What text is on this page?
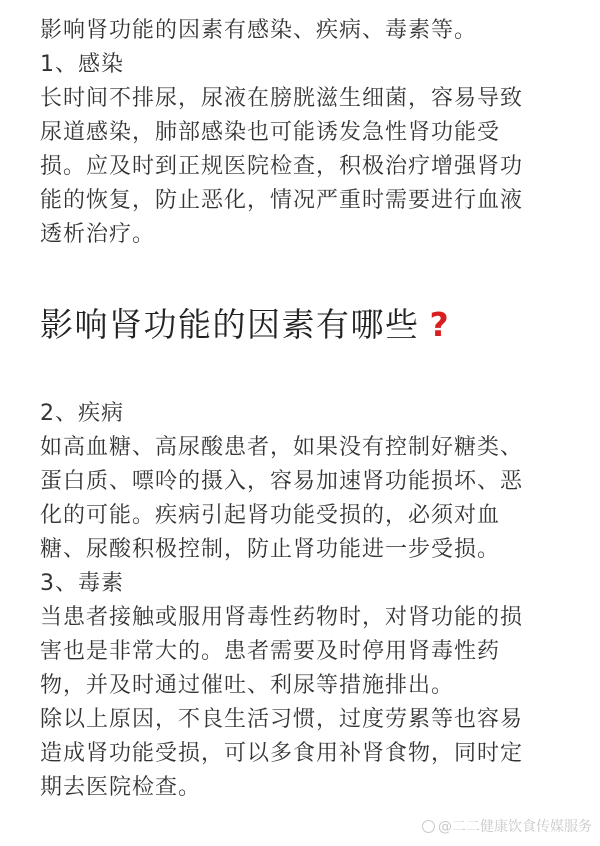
影响肾功能的因素有感染、疾病、毒素等。
1、感染
长时间不排尿，尿液在膀胱滋生细菌，容易导致
尿道感染，肺部感染也可能诱发急性肾功能受
损。应及时到正规医院检查，积极治疗增强肾功
能的恢复，防止恶化，情况严重时需要进行血液
透析治疗。
影响肾功能的因素有哪些 ?
2、疾病
如高血糖、高尿酸患者，如果没有控制好糖类、
蛋白质、嘌呤的摄入，容易加速肾功能损坏、恶
化的可能。疾病引起肾功能受损的，必须对血
糖、尿酸积极控制，防止肾功能进一步受损。
3、毒素
当患者接触或服用肾毒性药物时，对肾功能的损
害也是非常大的。患者需要及时停用肾毒性药
物，并及时通过催吐、利尿等措施排出。
除以上原因，不良生活习惯，过度劳累等也容易
造成肾功能受损，可以多食用补肾食物，同时定
期去医院检查。
@二二健康饮食传媒服务
